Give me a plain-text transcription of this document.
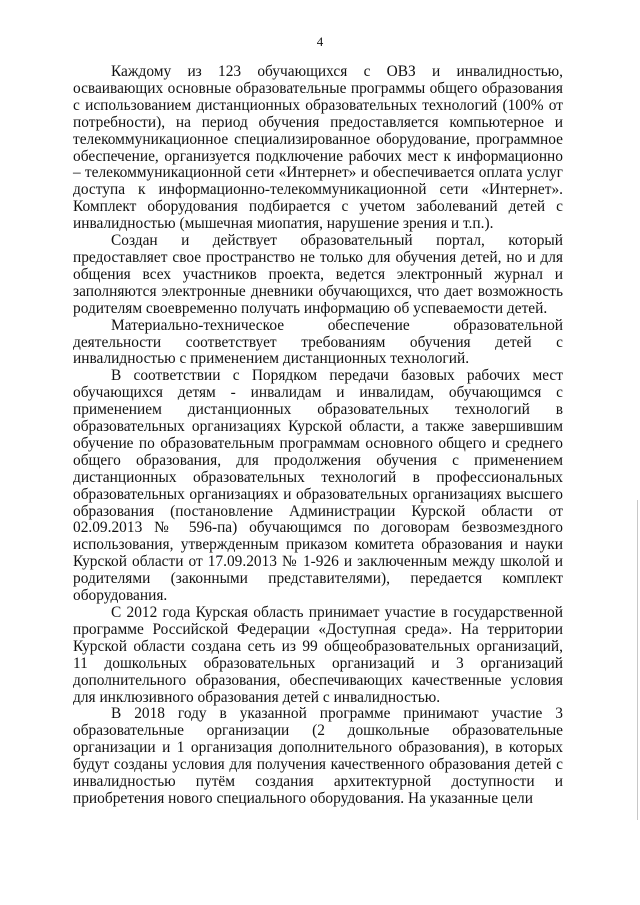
4

Каждому из 123 обучающихся с ОВЗ и инвалидностью, осваивающих основные образовательные программы общего образования с использованием дистанционных образовательных технологий (100% от потребности), на период обучения предоставляется компьютерное и телекоммуникационное специализированное оборудование, программное обеспечение, организуется подключение рабочих мест к информационно – телекоммуникационной сети «Интернет» и обеспечивается оплата услуг доступа к информационно-телекоммуникационной сети «Интернет». Комплект оборудования подбирается с учетом заболеваний детей с инвалидностью (мышечная миопатия, нарушение зрения и т.п.).

Создан и действует образовательный портал, который предоставляет свое пространство не только для обучения детей, но и для общения всех участников проекта, ведется электронный журнал и заполняются электронные дневники обучающихся, что дает возможность родителям своевременно получать информацию об успеваемости детей.

Материально-техническое обеспечение образовательной деятельности соответствует требованиям обучения детей с инвалидностью с применением дистанционных технологий.

В соответствии с Порядком передачи базовых рабочих мест обучающихся детям - инвалидам и инвалидам, обучающимся с применением дистанционных образовательных технологий в образовательных организациях Курской области, а также завершившим обучение по образовательным программам основного общего и среднего общего образования, для продолжения обучения с применением дистанционных образовательных технологий в профессиональных образовательных организациях и образовательных организациях высшего образования (постановление Администрации Курской области от 02.09.2013 № 596-па) обучающимся по договорам безвозмездного использования, утвержденным приказом комитета образования и науки Курской области от 17.09.2013 № 1-926 и заключенным между школой и родителями (законными представителями), передается комплект оборудования.

С 2012 года Курская область принимает участие в государственной программе Российской Федерации «Доступная среда». На территории Курской области создана сеть из 99 общеобразовательных организаций, 11 дошкольных образовательных организаций и 3 организаций дополнительного образования, обеспечивающих качественные условия для инклюзивного образования детей с инвалидностью.

В 2018 году в указанной программе принимают участие 3 образовательные организации (2 дошкольные образовательные организации и 1 организация дополнительного образования), в которых будут созданы условия для получения качественного образования детей с инвалидностью путём создания архитектурной доступности и приобретения нового специального оборудования. На указанные цели
